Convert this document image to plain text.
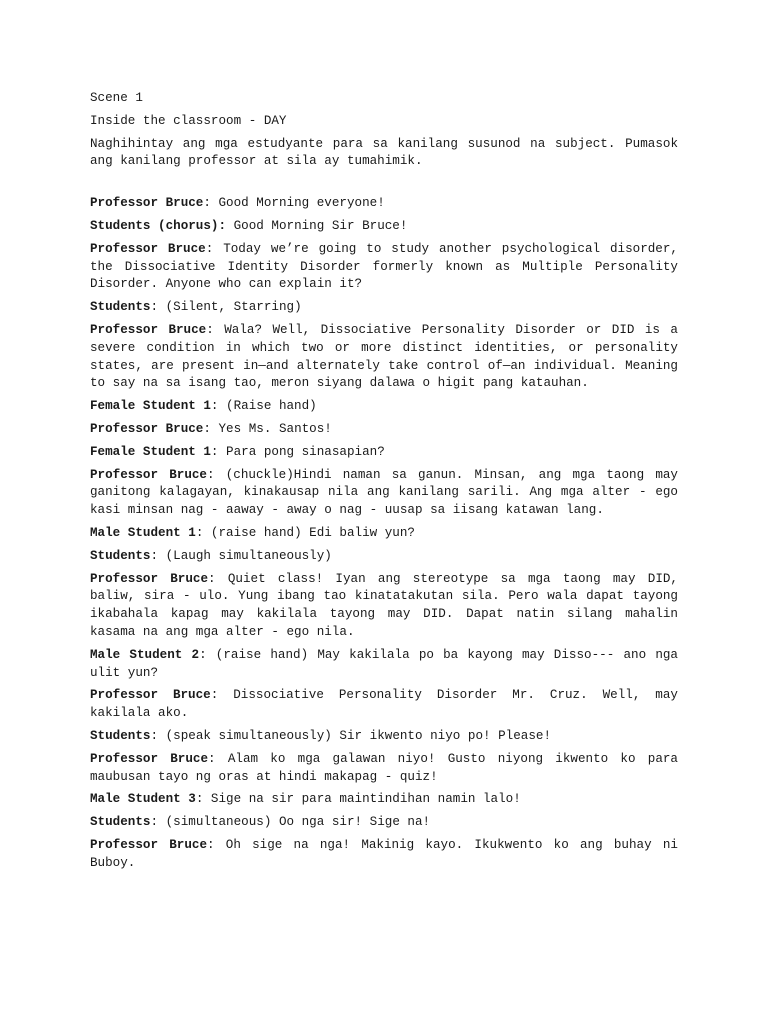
Scene 1

Inside the classroom - DAY

Naghihintay ang mga estudyante para sa kanilang susunod na subject. Pumasok ang kanilang professor at sila ay tumahimik.

Professor Bruce: Good Morning everyone!

Students (chorus): Good Morning Sir Bruce!

Professor Bruce: Today we’re going to study another psychological disorder, the Dissociative Identity Disorder formerly known as Multiple Personality Disorder. Anyone who can explain it?

Students: (Silent, Starring)

Professor Bruce: Wala? Well, Dissociative Personality Disorder or DID is a severe condition in which two or more distinct identities, or personality states, are present in—and alternately take control of—an individual. Meaning to say na sa isang tao, meron siyang dalawa o higit pang katauhan.

Female Student 1: (Raise hand)

Professor Bruce: Yes Ms. Santos!

Female Student 1: Para pong sinasapian?

Professor Bruce: (chuckle)Hindi naman sa ganun. Minsan, ang mga taong may ganitong kalagayan, kinakausap nila ang kanilang sarili. Ang mga alter - ego kasi minsan nag - aaway - away o nag - uusap sa iisang katawan lang.

Male Student 1: (raise hand) Edi baliw yun?

Students: (Laugh simultaneously)

Professor Bruce: Quiet class! Iyan ang stereotype sa mga taong may DID, baliw, sira - ulo. Yung ibang tao kinatatakutan sila. Pero wala dapat tayong ikabahala kapag may kakilala tayong may DID. Dapat natin silang mahalin kasama na ang mga alter - ego nila.

Male Student 2: (raise hand) May kakilala po ba kayong may Disso--- ano nga ulit yun?

Professor Bruce: Dissociative Personality Disorder Mr. Cruz. Well, may kakilala ako.

Students: (speak simultaneously) Sir ikwento niyo po! Please!

Professor Bruce: Alam ko mga galawan niyo! Gusto niyong ikwento ko para maubusan tayo ng oras at hindi makapag - quiz!

Male Student 3: Sige na sir para maintindihan namin lalo!

Students: (simultaneous) Oo nga sir! Sige na!

Professor Bruce: Oh sige na nga! Makinig kayo. Ikukwento ko ang buhay ni Buboy.
